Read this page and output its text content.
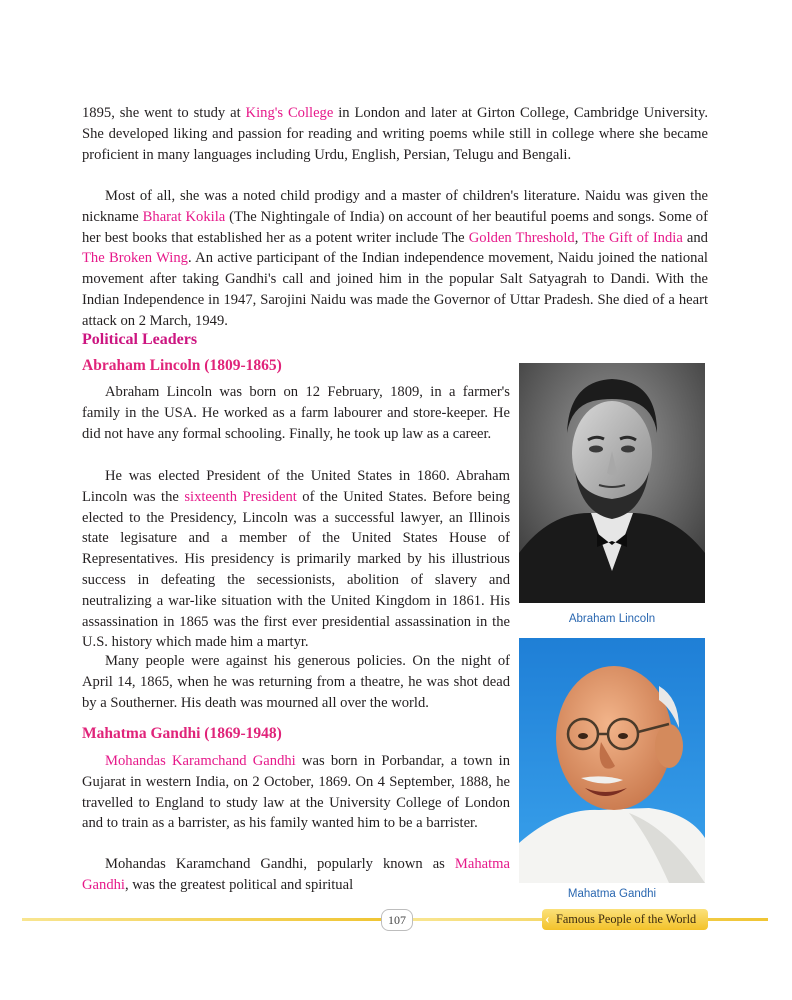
1895, she went to study at King's College in London and later at Girton College, Cambridge University. She developed liking and passion for reading and writing poems while still in college where she became proficient in many languages including Urdu, English, Persian, Telugu and Bengali.

Most of all, she was a noted child prodigy and a master of children's literature. Naidu was given the nickname Bharat Kokila (The Nightingale of India) on account of her beautiful poems and songs. Some of her best books that established her as a potent writer include The Golden Threshold, The Gift of India and The Broken Wing. An active participant of the Indian independence movement, Naidu joined the national movement after taking Gandhi's call and joined him in the popular Salt Satyagrah to Dandi. With the Indian Independence in 1947, Sarojini Naidu was made the Governor of Uttar Pradesh. She died of a heart attack on 2 March, 1949.

Political Leaders
Abraham Lincoln (1809-1865)

Abraham Lincoln was born on 12 February, 1809, in a farmer's family in the USA. He worked as a farm labourer and store-keeper. He did not have any formal schooling. Finally, he took up law as a career.

He was elected President of the United States in 1860. Abraham Lincoln was the sixteenth President of the United States. Before being elected to the Presidency, Lincoln was a successful lawyer, an Illinois state legisature and a member of the United States House of Representatives. His presidency is primarily marked by his illustrious success in defeating the secessionists, abolition of slavery and neutralizing a war-like situation with the United Kingdom in 1861. His assassination in 1865 was the first ever presidential assassination in the U.S. history which made him a martyr.

Many people were against his generous policies. On the night of April 14, 1865, when he was returning from a theatre, he was shot dead by a Southerner. His death was mourned all over the world.

Mahatma Gandhi (1869-1948)

Mohandas Karamchand Gandhi was born in Porbandar, a town in Gujarat in western India, on 2 October, 1869. On 4 September, 1888, he travelled to England to study law at the University College of London and to train as a barrister, as his family wanted him to be a barrister.

Mohandas Karamchand Gandhi, popularly known as Mahatma Gandhi, was the greatest political and spiritual

Abraham Lincoln

Mahatma Gandhi

107	‹ Famous People of the World
